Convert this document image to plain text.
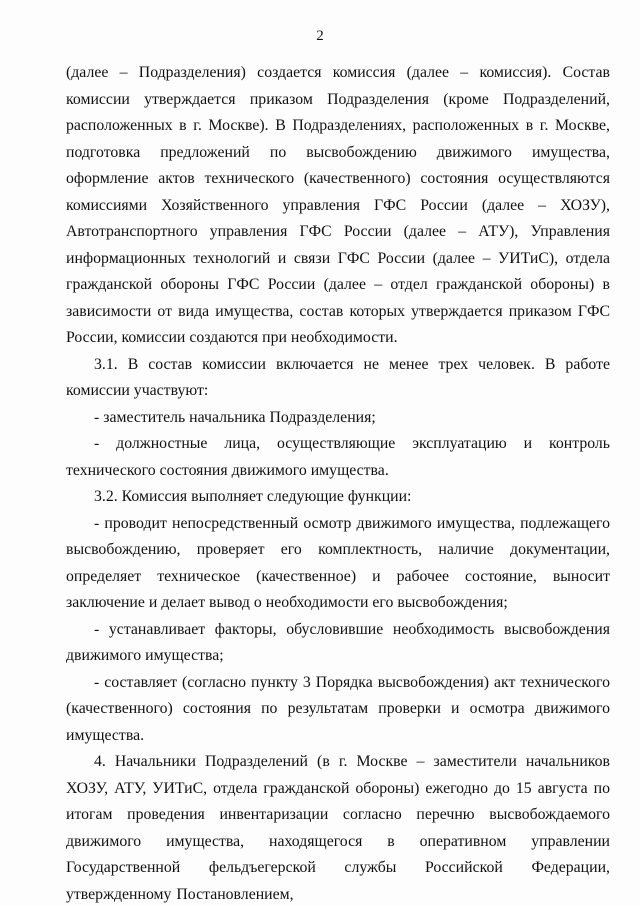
2

(далее – Подразделения) создается комиссия (далее – комиссия). Состав комиссии утверждается приказом Подразделения (кроме Подразделений, расположенных в г. Москве). В Подразделениях, расположенных в г. Москве, подготовка предложений по высвобождению движимого имущества, оформление актов технического (качественного) состояния осуществляются комиссиями Хозяйственного управления ГФС России (далее – ХОЗУ), Автотранспортного управления ГФС России (далее – АТУ), Управления информационных технологий и связи ГФС России (далее – УИТиС), отдела гражданской обороны ГФС России (далее – отдел гражданской обороны) в зависимости от вида имущества, состав которых утверждается приказом ГФС России, комиссии создаются при необходимости.

3.1. В состав комиссии включается не менее трех человек. В работе комиссии участвуют:

- заместитель начальника Подразделения;

- должностные лица, осуществляющие эксплуатацию и контроль технического состояния движимого имущества.

3.2. Комиссия выполняет следующие функции:

- проводит непосредственный осмотр движимого имущества, подлежащего высвобождению, проверяет его комплектность, наличие документации, определяет техническое (качественное) и рабочее состояние, выносит заключение и делает вывод о необходимости его высвобождения;

- устанавливает факторы, обусловившие необходимость высвобождения движимого имущества;

- составляет (согласно пункту 3 Порядка высвобождения) акт технического (качественного) состояния по результатам проверки и осмотра движимого имущества.

4. Начальники Подразделений (в г. Москве – заместители начальников ХОЗУ, АТУ, УИТиС, отдела гражданской обороны) ежегодно до 15 августа по итогам проведения инвентаризации согласно перечню высвобождаемого движимого имущества, находящегося в оперативном управлении Государственной фельдъегерской службы Российской Федерации, утвержденному Постановлением,
